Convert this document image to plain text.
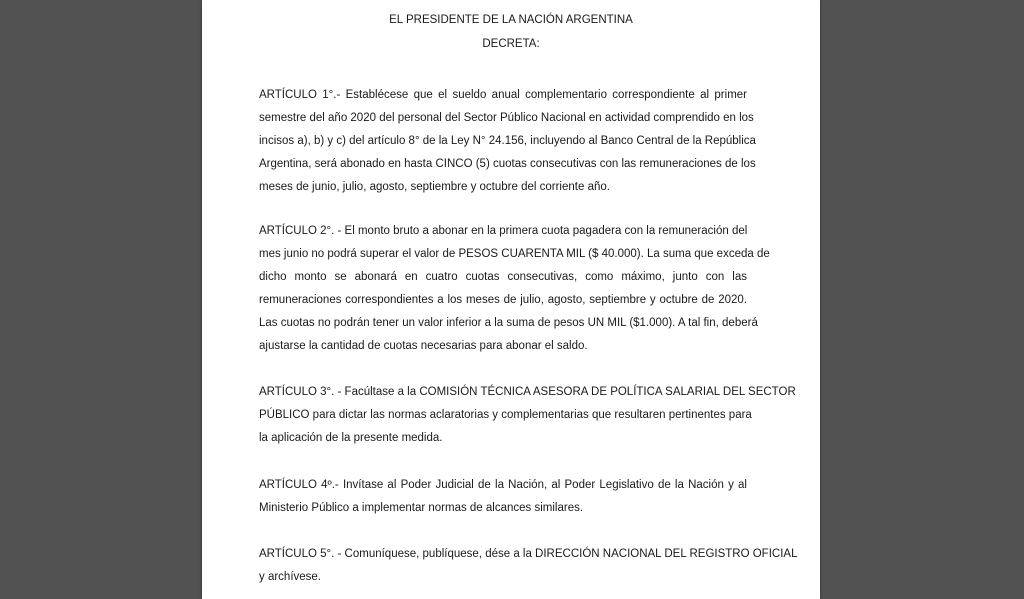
EL PRESIDENTE DE LA NACIÓN ARGENTINA
DECRETA:
ARTÍCULO 1°.- Establécese que el sueldo anual complementario correspondiente al primer
semestre del año 2020 del personal del Sector Público Nacional en actividad comprendido en los
incisos a), b) y c) del artículo 8° de la Ley N° 24.156, incluyendo al Banco Central de la República
Argentina, será abonado en hasta CINCO (5) cuotas consecutivas con las remuneraciones de los
meses de junio, julio, agosto, septiembre y octubre del corriente año.
ARTÍCULO 2°. - El monto bruto a abonar en la primera cuota pagadera con la remuneración del
mes junio no podrá superar el valor de PESOS CUARENTA MIL ($ 40.000). La suma que exceda de
dicho monto se abonará en cuatro cuotas consecutivas, como máximo, junto con las
remuneraciones correspondientes a los meses de julio, agosto, septiembre y octubre de 2020.
Las cuotas no podrán tener un valor inferior a la suma de pesos UN MIL ($1.000). A tal fin, deberá
ajustarse la cantidad de cuotas necesarias para abonar el saldo.
ARTÍCULO 3°. - Facúltase a la COMISIÓN TÉCNICA ASESORA DE POLÍTICA SALARIAL DEL SECTOR
PÚBLICO para dictar las normas aclaratorias y complementarias que resultaren pertinentes para
la aplicación de la presente medida.
ARTÍCULO 4º.- Invítase al Poder Judicial de la Nación, al Poder Legislativo de la Nación y al
Ministerio Público a implementar normas de alcances similares.
ARTÍCULO 5°. - Comuníquese, publíquese, dése a la DIRECCIÓN NACIONAL DEL REGISTRO OFICIAL
y archívese.
